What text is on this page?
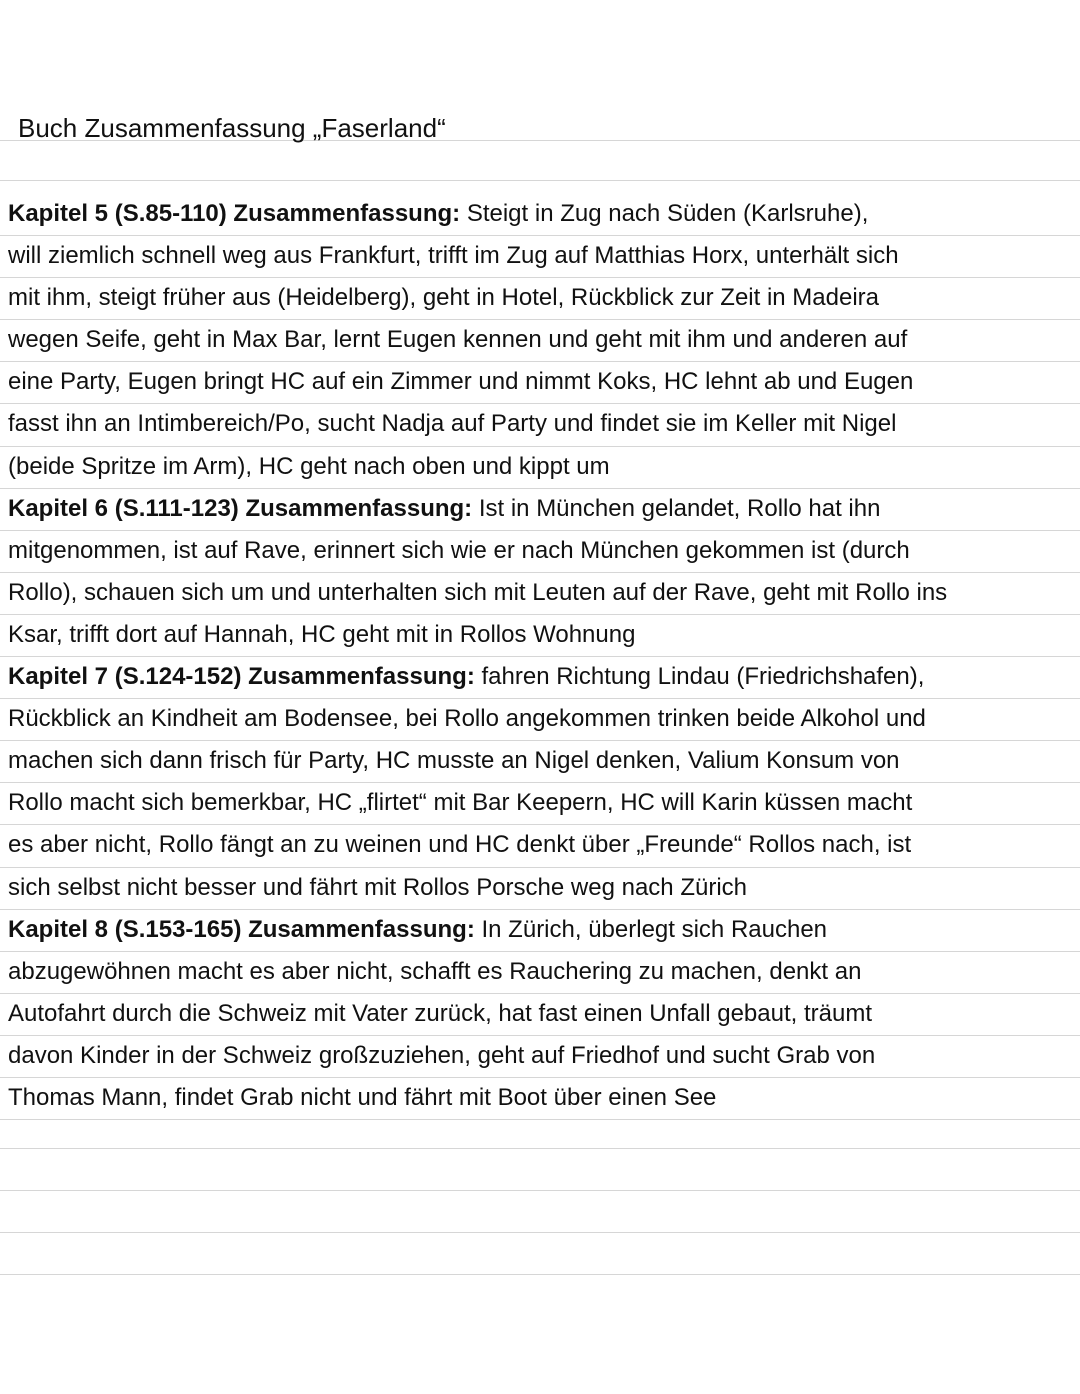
Buch Zusammenfassung „Faserland“
Kapitel 5 (S.85-110) Zusammenfassung: Steigt in Zug nach Süden (Karlsruhe),
will ziemlich schnell weg aus Frankfurt, trifft im Zug auf Matthias Horx, unterhält sich
mit ihm, steigt früher aus (Heidelberg), geht in Hotel, Rückblick zur Zeit in Madeira
wegen Seife, geht in Max Bar, lernt Eugen kennen und geht mit ihm und anderen auf
eine Party, Eugen bringt HC auf ein Zimmer und nimmt Koks, HC lehnt ab und Eugen
fasst ihn an Intimbereich/Po, sucht Nadja auf Party und findet sie im Keller mit Nigel
(beide Spritze im Arm), HC geht nach oben und kippt um
Kapitel 6 (S.111-123) Zusammenfassung: Ist in München gelandet, Rollo hat ihn
mitgenommen, ist auf Rave, erinnert sich wie er nach München gekommen ist (durch
Rollo), schauen sich um und unterhalten sich mit Leuten auf der Rave, geht mit Rollo ins
Ksar, trifft dort auf Hannah, HC geht mit in Rollos Wohnung
Kapitel 7 (S.124-152) Zusammenfassung: fahren Richtung Lindau (Friedrichshafen),
Rückblick an Kindheit am Bodensee, bei Rollo angekommen trinken beide Alkohol und
machen sich dann frisch für Party, HC musste an Nigel denken, Valium Konsum von
Rollo macht sich bemerkbar, HC „flirtet“ mit Bar Keepern, HC will Karin küssen macht
es aber nicht, Rollo fängt an zu weinen und HC denkt über „Freunde“ Rollos nach, ist
sich selbst nicht besser und fährt mit Rollos Porsche weg nach Zürich
Kapitel 8 (S.153-165) Zusammenfassung: In Zürich, überlegt sich Rauchen
abzugewöhnen macht es aber nicht, schafft es Rauchering zu machen, denkt an
Autofahrt durch die Schweiz mit Vater zurück, hat fast einen Unfall gebaut, träumt
davon Kinder in der Schweiz großzuziehen, geht auf Friedhof und sucht Grab von
Thomas Mann, findet Grab nicht und fährt mit Boot über einen See
